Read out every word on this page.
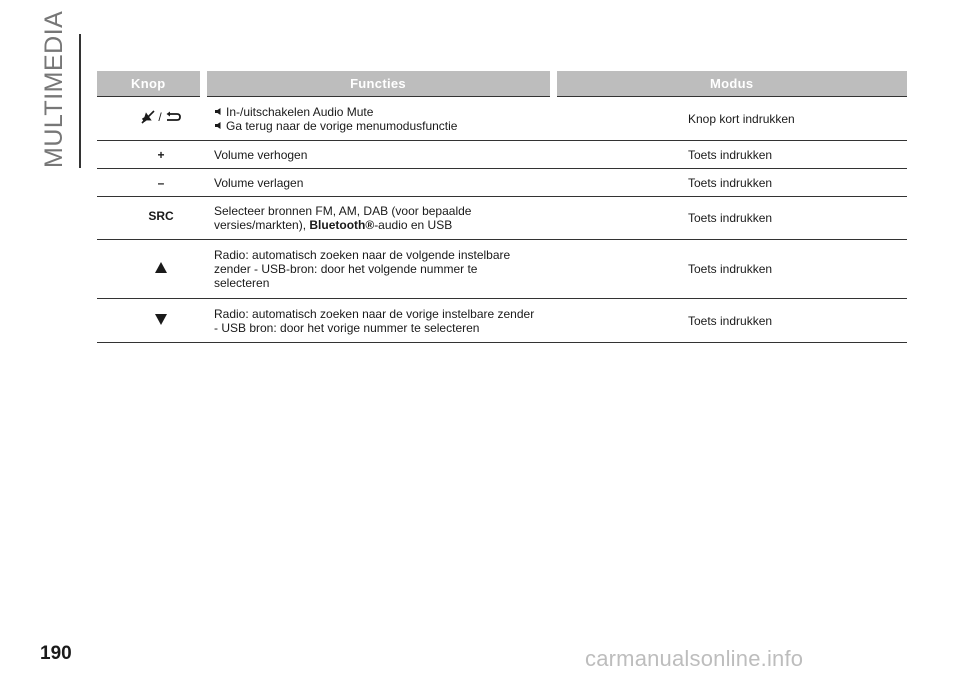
MULTIMEDIA	Knop	Functies	Modus

/	In-/uitschakelen Audio Mute
Ga terug naar de vorige menumodusfunctie	Knop kort indrukken
+	Volume verhogen	Toets indrukken
–	Volume verlagen	Toets indrukken
SRC	Selecteer bronnen FM, AM, DAB (voor bepaalde
versies/markten), Bluetooth®-audio en USB	Toets indrukken

Radio: automatisch zoeken naar de volgende instelbare
zender - USB-bron: door het volgende nummer te
selecteren	Toets indrukken

Radio: automatisch zoeken naar de vorige instelbare zender
- USB bron: door het vorige nummer te selecteren	Toets indrukken
190	carmanualsonline.info
